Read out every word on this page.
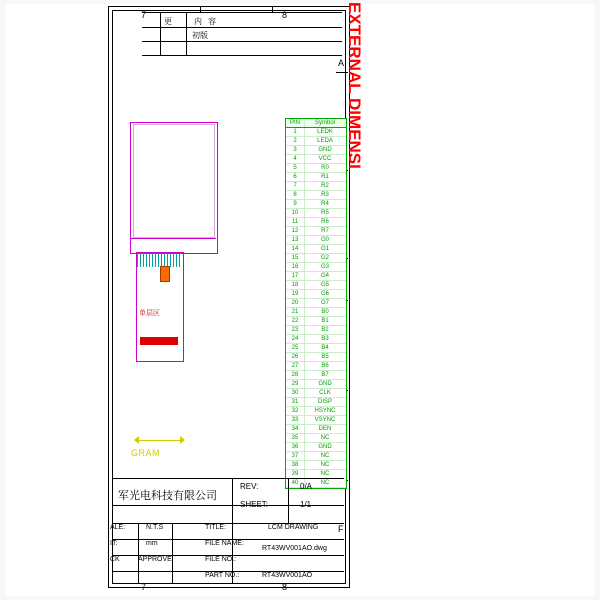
7	8
7	8
A
F
更	内 容
初版
单层区
GRAM
PIN	Symbol
1	LEDK
2	LEDA
3	GND
4	VCC
5	R0
6	R1
7	R2
8	R3
9	R4
10	R5
11	R6
12	R7
13	G0
14	G1
15	G2
16	G3
17	G4
18	G5
19	G6
20	G7
21	B0
22	B1
23	B2
24	B3
25	B4
26	B5
27	B6
28	B7
29	GND
30	CLK
31	DISP
32	HSYNC
33	VSYNC
34	DEN
35	NC
36	GND
37	NC
38	NC
39	NC
40	NC
EXTERNAL DIMENSI
军光电科技有限公司
REV:	0/A
SHEET:	1/1
ALE:	N.T.S
IT:	mm
CK	APPROVE
TITLE:	LCM DRAWING
FILE NAME:
RT43WV001AO.dwg
FILE NO.:
PART NO.:	RT43WV001AO
